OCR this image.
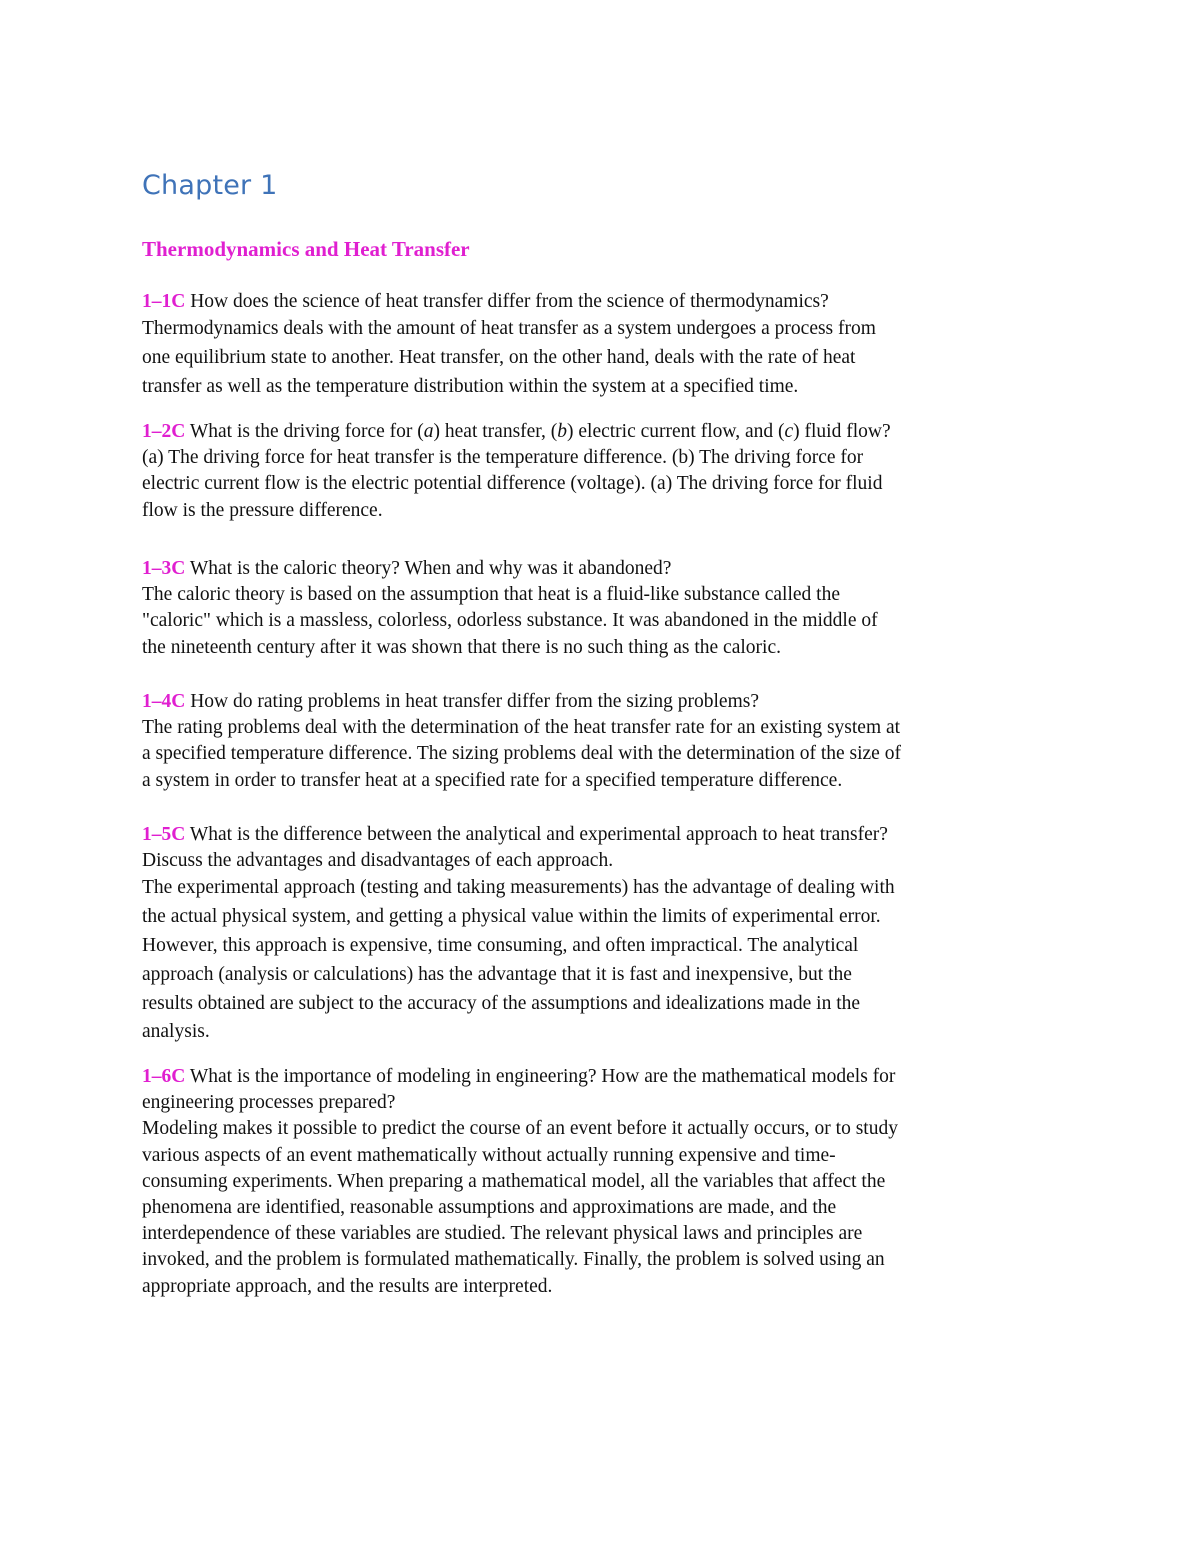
Chapter 1
Thermodynamics and Heat Transfer
1–1C How does the science of heat transfer differ from the science of thermodynamics?
Thermodynamics deals with the amount of heat transfer as a system undergoes a process from
one equilibrium state to another. Heat transfer, on the other hand, deals with the rate of heat
transfer as well as the temperature distribution within the system at a specified time.
1–2C What is the driving force for (a) heat transfer, (b) electric current flow, and (c) fluid flow?
(a) The driving force for heat transfer is the temperature difference. (b) The driving force for
electric current flow is the electric potential difference (voltage). (a) The driving force for fluid
flow is the pressure difference.
1–3C What is the caloric theory? When and why was it abandoned?
The caloric theory is based on the assumption that heat is a fluid-like substance called the
"caloric" which is a massless, colorless, odorless substance. It was abandoned in the middle of
the nineteenth century after it was shown that there is no such thing as the caloric.
1–4C How do rating problems in heat transfer differ from the sizing problems?
The rating problems deal with the determination of the heat transfer rate for an existing system at
a specified temperature difference. The sizing problems deal with the determination of the size of
a system in order to transfer heat at a specified rate for a specified temperature difference.
1–5C What is the difference between the analytical and experimental approach to heat transfer?
Discuss the advantages and disadvantages of each approach.
The experimental approach (testing and taking measurements) has the advantage of dealing with
the actual physical system, and getting a physical value within the limits of experimental error.
However, this approach is expensive, time consuming, and often impractical. The analytical
approach (analysis or calculations) has the advantage that it is fast and inexpensive, but the
results obtained are subject to the accuracy of the assumptions and idealizations made in the
analysis.
1–6C What is the importance of modeling in engineering? How are the mathematical models for
engineering processes prepared?
Modeling makes it possible to predict the course of an event before it actually occurs, or to study
various aspects of an event mathematically without actually running expensive and time-
consuming experiments. When preparing a mathematical model, all the variables that affect the
phenomena are identified, reasonable assumptions and approximations are made, and the
interdependence of these variables are studied. The relevant physical laws and principles are
invoked, and the problem is formulated mathematically. Finally, the problem is solved using an
appropriate approach, and the results are interpreted.
